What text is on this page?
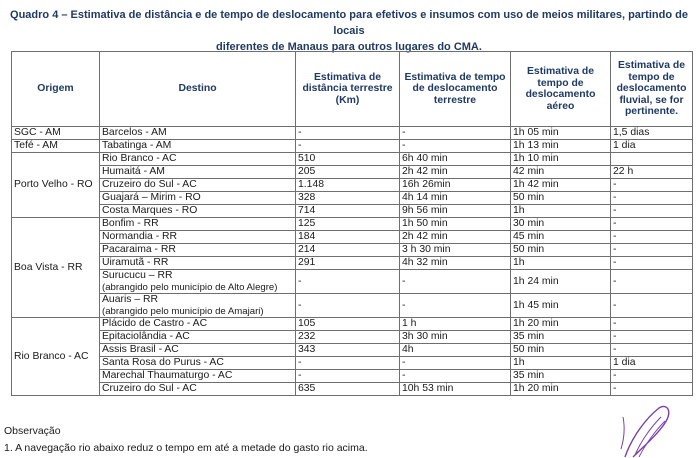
Quadro 4 – Estimativa de distância e de tempo de deslocamento para efetivos e insumos com uso de meios militares, partindo de locais
diferentes de Manaus para outros lugares do CMA.
Origem	Destino	Estimativa de distância terrestre (Km)	Estimativa de tempo de deslocamento terrestre	Estimativa de tempo de deslocamento aéreo	Estimativa de tempo de deslocamento fluvial, se for pertinente.
SGC - AM	Barcelos - AM	-	-	1h 05 min	1,5 dias
Tefé - AM	Tabatinga - AM	-	-	1h 13 min	1 dia
Porto Velho - RO	Rio Branco - AC	510	6h 40 min	1h 10 min	
	Humaitá - AM	205	2h 42 min	42 min	22 h
	Cruzeiro do Sul - AC	1.148	16h 26min	1h 42 min	-
	Guajará – Mirim - RO	328	4h 14 min	50 min	-
	Costa Marques - RO	714	9h 56 min	1h	-
Boa Vista - RR	Bonfim - RR	125	1h 50 min	30 min	-
	Normandia - RR	184	2h 42 min	45 min	-
	Pacaraima - RR	214	3 h 30 min	50 min	-
	Uiramutã - RR	291	4h 32 min	1h	-

	Surucucu – RR
(abrangido pelo município de Alto Alegre)	-	-	1h 24 min	-

	Auaris – RR
(abrangido pelo município de Amajari)	-	-	1h 45 min	-
Rio Branco - AC	Plácido de Castro - AC	105	1 h	1h 20 min	-
	Epitaciolândia - AC	232	3h 30 min	35 min	-
	Assis Brasil - AC	343	4h	50 min	-
	Santa Rosa do Purus - AC	-	-	1h	1 dia
	Marechal Thaumaturgo - AC	-	-	35 min	-
	Cruzeiro do Sul - AC	635	10h 53 min	1h 20 min	-
Observação
1. A navegação rio abaixo reduz o tempo em até a metade do gasto rio acima.
